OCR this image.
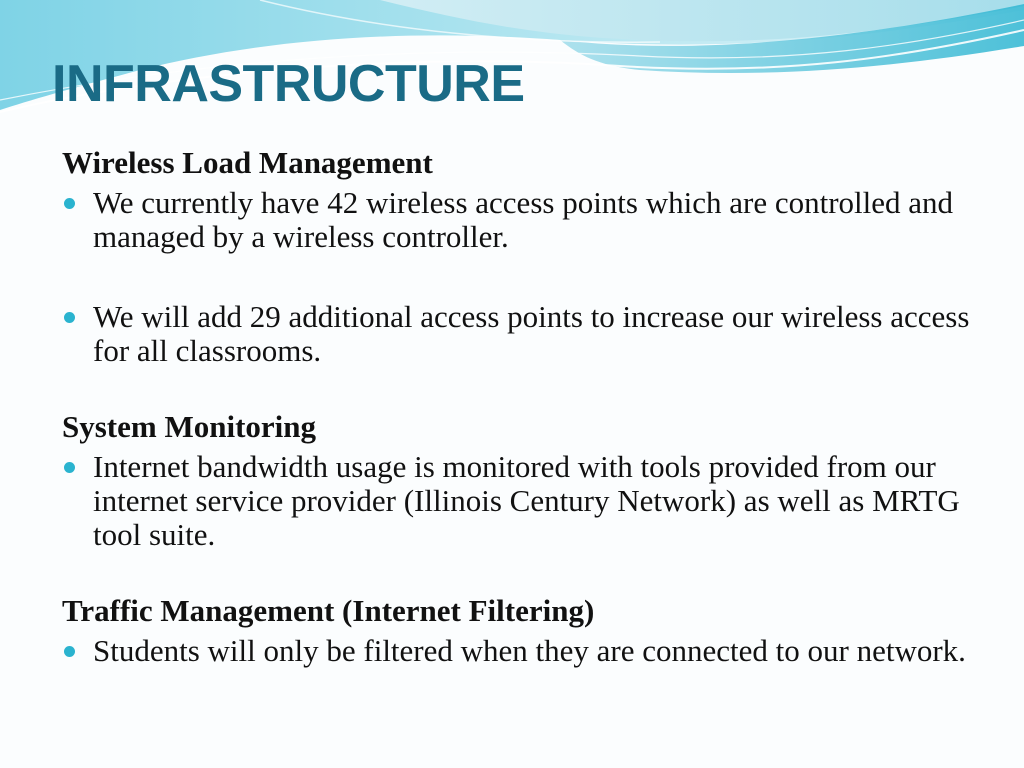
INFRASTRUCTURE

Wireless Load Management

We currently have 42 wireless access points which are controlled and managed by a wireless controller.
We will add 29 additional access points to increase our wireless access for all classrooms.

System Monitoring

Internet bandwidth usage is monitored with tools provided from our internet service provider (Illinois Century Network) as well as MRTG tool suite.

Traffic Management (Internet Filtering)

Students will only be filtered when they are connected to our network.
